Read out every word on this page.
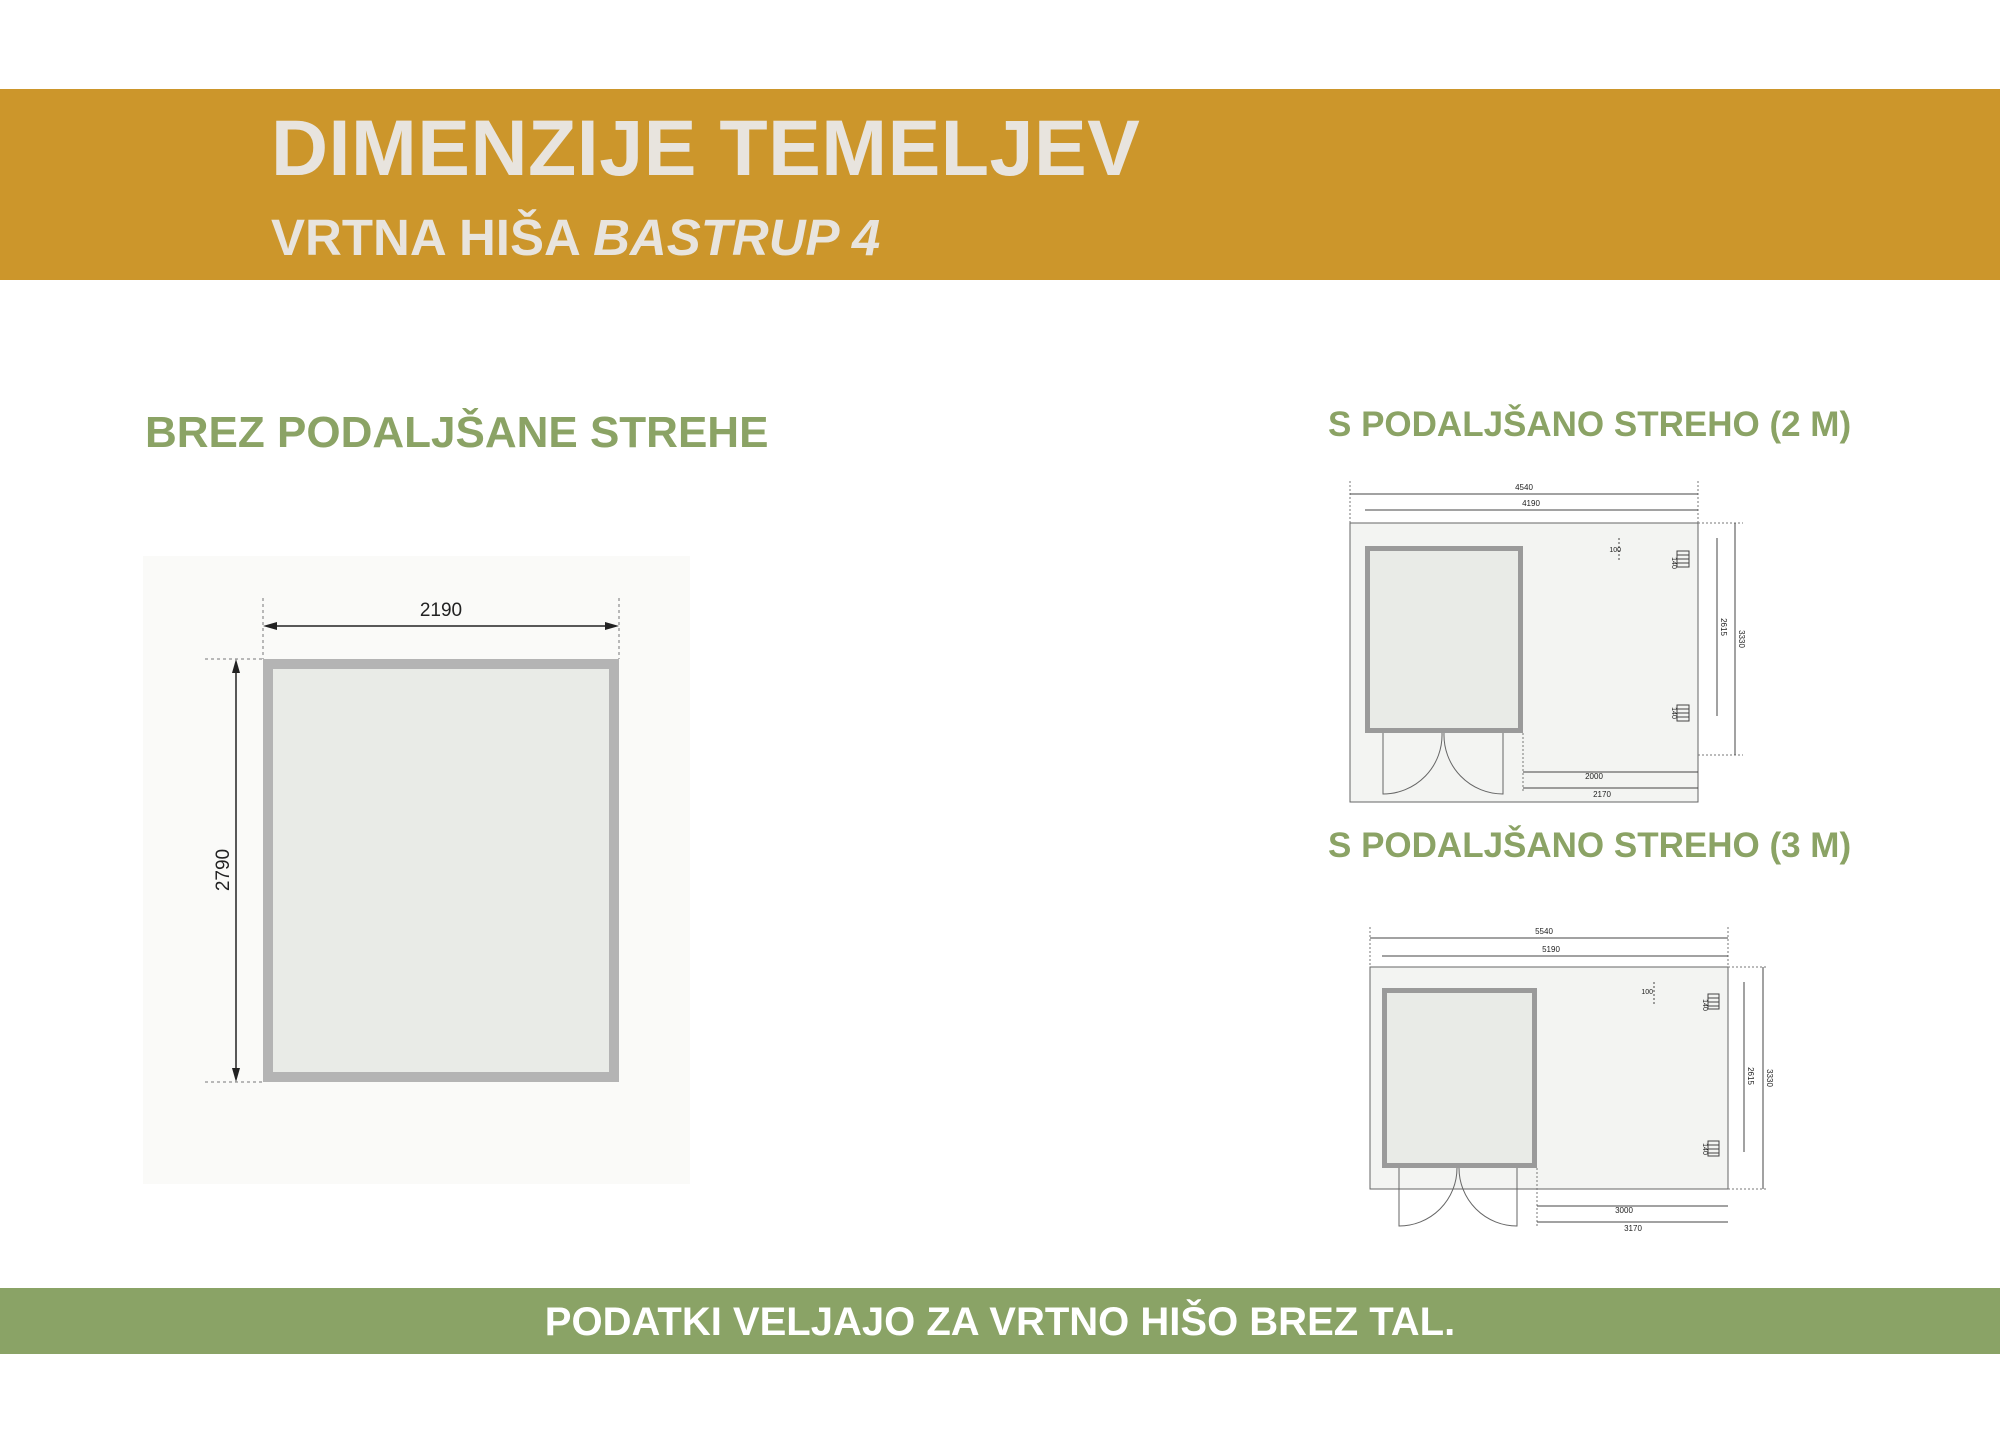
DIMENZIJE TEMELJEV
VRTNA HIŠA BASTRUP 4
BREZ PODALJŠANE STREHE	S PODALJŠANO STREHO (2 M)
S PODALJŠANO STREHO (3 M)
2190
2790
4540
4190
140
140
100
3330
2615
2000
2170
5540
5190
140
140
100
3330
2615
3000
3170
PODATKI VELJAJO ZA VRTNO HIŠO BREZ TAL.
